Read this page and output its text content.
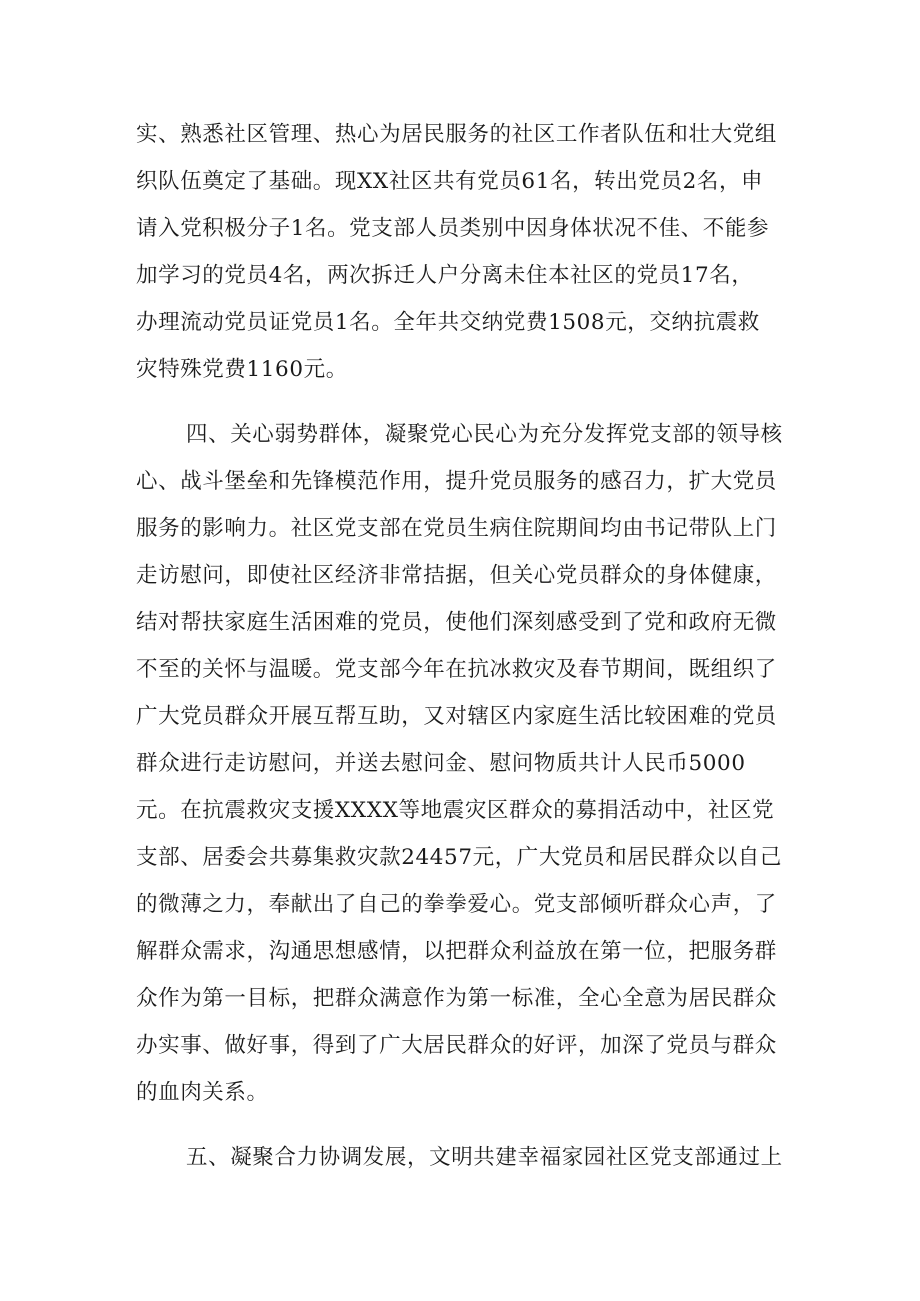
实、熟悉社区管理、热心为居民服务的社区工作者队伍和壮大党组
织队伍奠定了基础。现XX社区共有党员61名，转出党员2名，申
请入党积极分子1名。党支部人员类别中因身体状况不佳、不能参
加学习的党员4名，两次拆迁人户分离未住本社区的党员17名，
办理流动党员证党员1名。全年共交纳党费1508元，交纳抗震救
灾特殊党费1160元。
四、关心弱势群体，凝聚党心民心为充分发挥党支部的领导核
心、战斗堡垒和先锋模范作用，提升党员服务的感召力，扩大党员
服务的影响力。社区党支部在党员生病住院期间均由书记带队上门
走访慰问，即使社区经济非常拮据，但关心党员群众的身体健康，
结对帮扶家庭生活困难的党员，使他们深刻感受到了党和政府无微
不至的关怀与温暖。党支部今年在抗冰救灾及春节期间，既组织了
广大党员群众开展互帮互助，又对辖区内家庭生活比较困难的党员
群众进行走访慰问，并送去慰问金、慰问物质共计人民币5000
元。在抗震救灾支援XXXX等地震灾区群众的募捐活动中，社区党
支部、居委会共募集救灾款24457元，广大党员和居民群众以自己
的微薄之力，奉献出了自己的拳拳爱心。党支部倾听群众心声，了
解群众需求，沟通思想感情，以把群众利益放在第一位，把服务群
众作为第一目标，把群众满意作为第一标准，全心全意为居民群众
办实事、做好事，得到了广大居民群众的好评，加深了党员与群众
的血肉关系。
五、凝聚合力协调发展，文明共建幸福家园社区党支部通过上
